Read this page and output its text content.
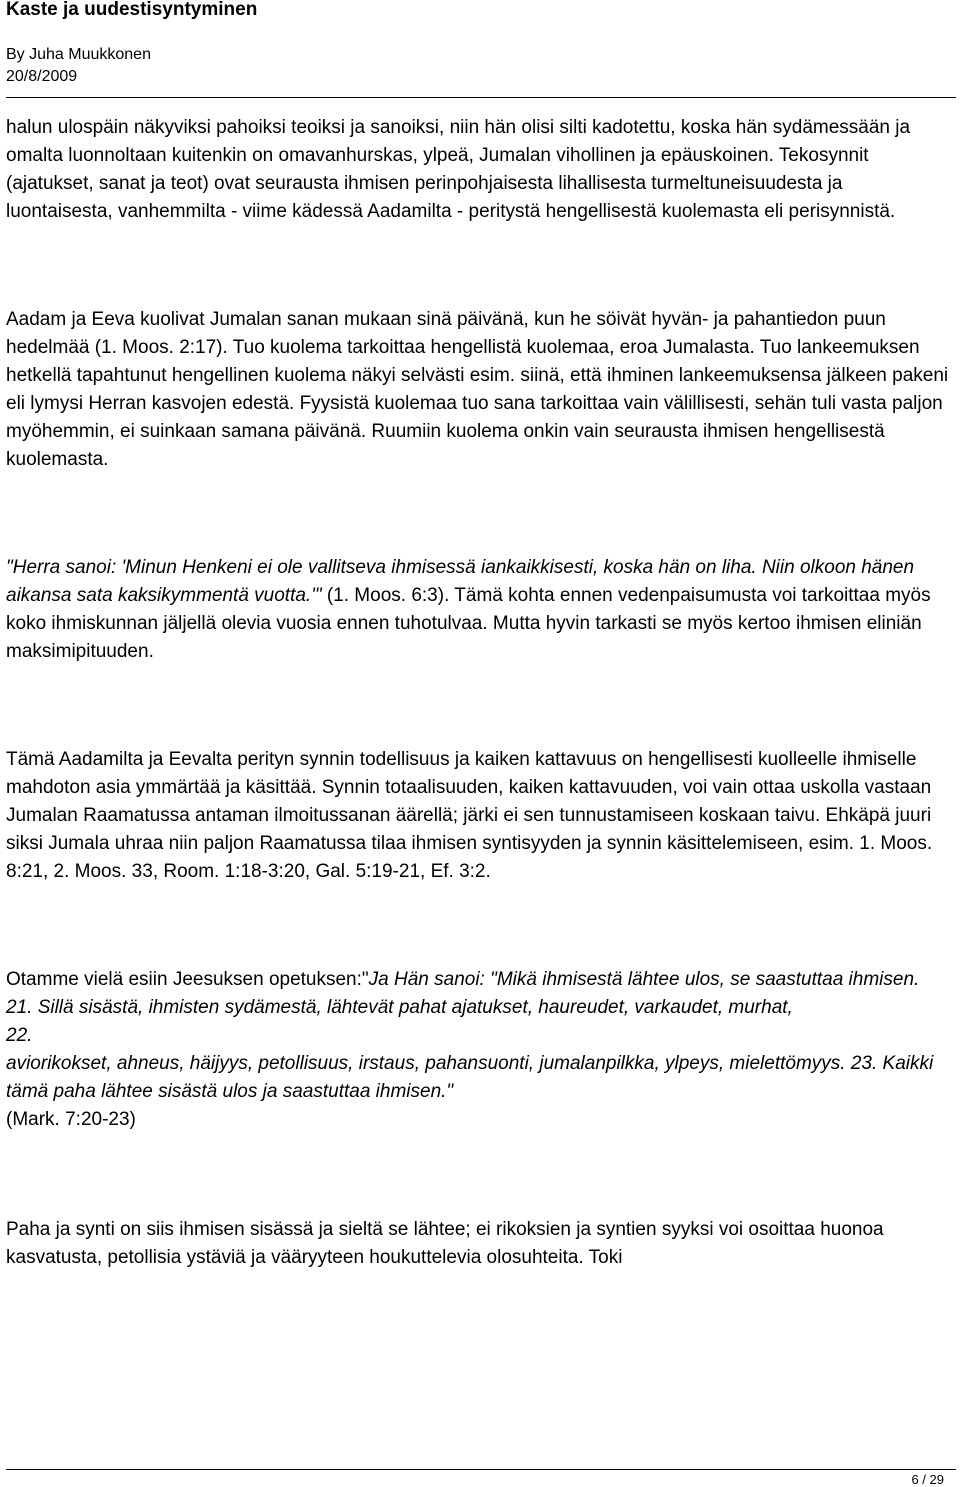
Kaste ja uudestisyntyminen
By Juha Muukkonen
20/8/2009

halun ulospäin näkyviksi pahoiksi teoiksi ja sanoiksi, niin hän olisi silti kadotettu, koska hän sydämessään ja omalta luonnoltaan kuitenkin on omavanhurskas, ylpeä, Jumalan vihollinen ja epäuskoinen. Tekosynnit (ajatukset, sanat ja teot) ovat seurausta ihmisen perinpohjaisesta lihallisesta turmeltuneisuudesta ja luontaisesta, vanhemmilta - viime kädessä Aadamilta - peritystä hengellisestä kuolemasta eli perisynnistä.

Aadam ja Eeva kuolivat Jumalan sanan mukaan sinä päivänä, kun he söivät hyvän- ja pahantiedon puun hedelmää (1. Moos. 2:17). Tuo kuolema tarkoittaa hengellistä kuolemaa, eroa Jumalasta. Tuo lankeemuksen hetkellä tapahtunut hengellinen kuolema näkyi selvästi esim. siinä, että ihminen lankeemuksensa jälkeen pakeni eli lymysi Herran kasvojen edestä. Fyysistä kuolemaa tuo sana tarkoittaa vain välillisesti, sehän tuli vasta paljon myöhemmin, ei suinkaan samana päivänä. Ruumiin kuolema onkin vain seurausta ihmisen hengellisestä kuolemasta.

"Herra sanoi: 'Minun Henkeni ei ole vallitseva ihmisessä iankaikkisesti, koska hän on liha. Niin olkoon hänen aikansa sata kaksikymmentä vuotta.'" (1. Moos. 6:3). Tämä kohta ennen vedenpaisumusta voi tarkoittaa myös koko ihmiskunnan jäljellä olevia vuosia ennen tuhotulvaa. Mutta hyvin tarkasti se myös kertoo ihmisen eliniän maksimipituuden.

Tämä Aadamilta ja Eevalta perityn synnin todellisuus ja kaiken kattavuus on hengellisesti kuolleelle ihmiselle mahdoton asia ymmärtää ja käsittää. Synnin totaalisuuden, kaiken kattavuuden, voi vain ottaa uskolla vastaan Jumalan Raamatussa antaman ilmoitussanan äärellä; järki ei sen tunnustamiseen koskaan taivu. Ehkäpä juuri siksi Jumala uhraa niin paljon Raamatussa tilaa ihmisen syntisyyden ja synnin käsittelemiseen, esim. 1. Moos. 8:21, 2. Moos. 33, Room. 1:18-3:20, Gal. 5:19-21, Ef. 3:2.

Otamme vielä esiin Jeesuksen opetuksen:"Ja Hän sanoi: "Mikä ihmisestä lähtee ulos, se saastuttaa ihmisen.
21. Sillä sisästä, ihmisten sydämestä, lähtevät pahat ajatukset, haureudet, varkaudet, murhat,
22.
aviorikokset, ahneus, häijyys, petollisuus, irstaus, pahansuonti, jumalanpilkka, ylpeys, mielettömyys. 23. Kaikki tämä paha lähtee sisästä ulos ja saastuttaa ihmisen."
(Mark. 7:20-23)

Paha ja synti on siis ihmisen sisässä ja sieltä se lähtee; ei rikoksien ja syntien syyksi voi osoittaa huonoa kasvatusta, petollisia ystäviä ja vääryyteen houkuttelevia olosuhteita. Toki

6 / 29
